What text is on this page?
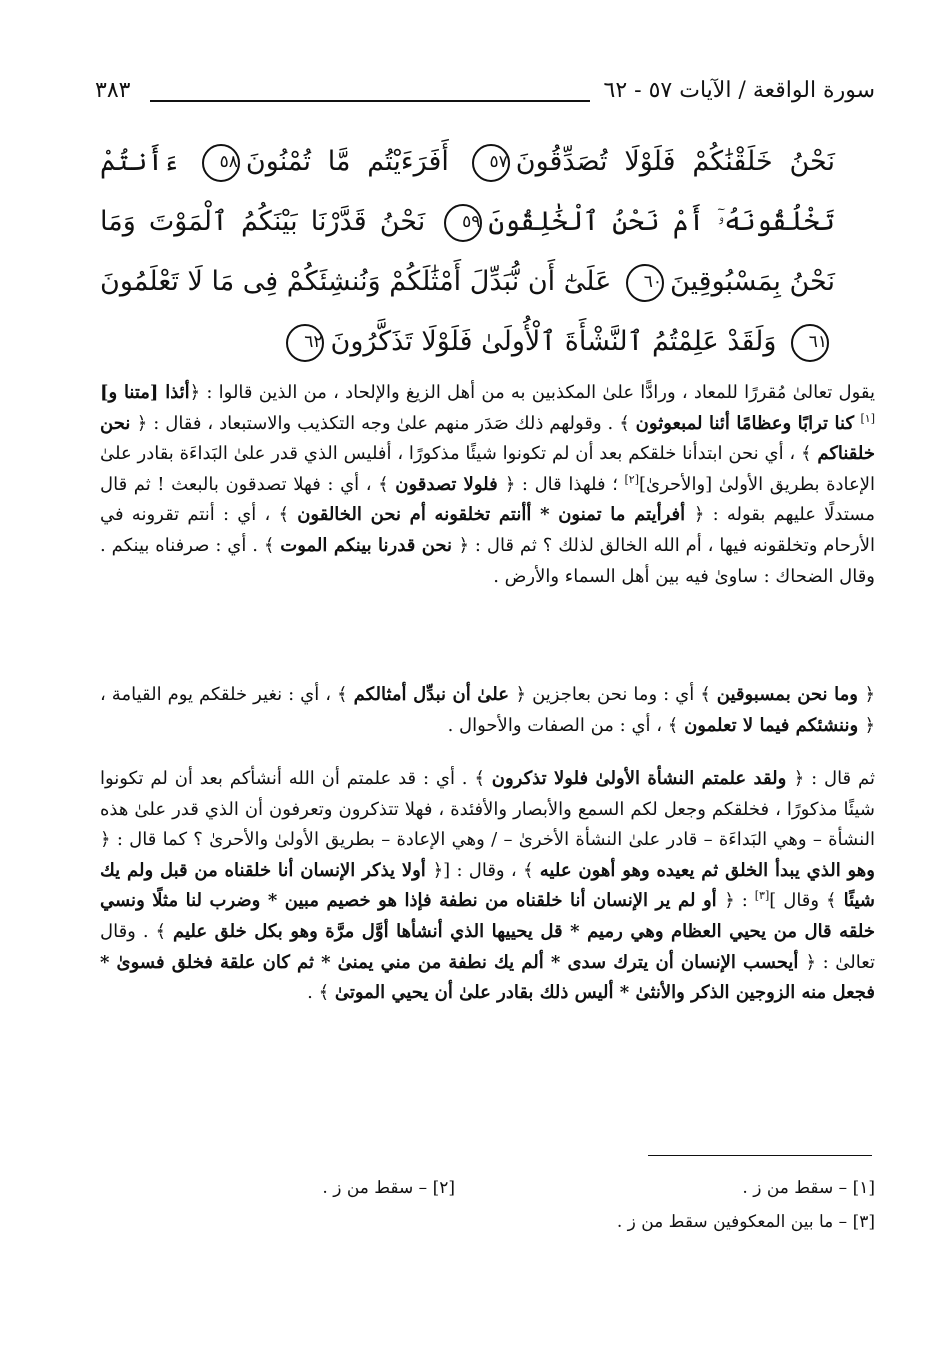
سورة الواقعة / الآيات ٥٧ - ٦٢
٣٨٣
نَحْنُ خَلَقْنَٰكُمْ فَلَوْلَا تُصَدِّقُونَ٥٧ أَفَرَءَيْتُم مَّا تُمْنُونَ٥٨ ءَأَنتُمْ تَخْلُقُونَهُۥٓ أَمْ نَحْنُ ٱلْخَٰلِقُونَ٥٩ نَحْنُ قَدَّرْنَا بَيْنَكُمُ ٱلْمَوْتَ وَمَا نَحْنُ بِمَسْبُوقِينَ٦٠ عَلَىٰٓ أَن نُّبَدِّلَ أَمْثَٰلَكُمْ وَنُنشِئَكُمْ فِى مَا لَا تَعْلَمُونَ٦١ وَلَقَدْ عَلِمْتُمُ ٱلنَّشْأَةَ ٱلْأُولَىٰ فَلَوْلَا تَذَكَّرُونَ٦٢

يقول تعالىٰ مُقررًا للمعاد ، ورادًّا علىٰ المكذبين به من أهل الزيغ والإلحاد ، من الذين قالوا : ﴿أئذا [متنا و][١] كنا ترابًا وعظامًا أئنا لمبعوثون ﴾ . وقولهم ذلك صَدَر منهم علىٰ وجه التكذيب والاستبعاد ، فقال : ﴿ نحن خلقناكم ﴾ ، أي نحن ابتدأنا خلقكم بعد أن لم تكونوا شيئًا مذكورًا ، أفليس الذي قدر علىٰ البَداءَة بقادر علىٰ الإعادة بطريق الأولىٰ [والأحرىٰ][٢] ؛ فلهذا قال : ﴿ فلولا تصدقون ﴾ ، أي : فهلا تصدقون بالبعث ! ثم قال مستدلًا عليهم بقوله : ﴿ أفرأيتم ما تمنون * أأنتم تخلقونه أم نحن الخالقون ﴾ ، أي : أنتم تقرونه في الأرحام وتخلقونه فيها ، أم الله الخالق لذلك ؟ ثم قال : ﴿ نحن قدرنا بينكم الموت ﴾ . أي : صرفناه بينكم . وقال الضحاك : ساوىٰ فيه بين أهل السماء والأرض .

﴿ وما نحن بمسبوقين ﴾ أي : وما نحن بعاجزين ﴿ علىٰ أن نبدِّل أمثالكم ﴾ ، أي : نغير خلقكم يوم القيامة ، ﴿ وننشئكم فيما لا تعلمون ﴾ ، أي : من الصفات والأحوال .

ثم قال : ﴿ ولقد علمتم النشأة الأولىٰ فلولا تذكرون ﴾ . أي : قد علمتم أن الله أنشأكم بعد أن لم تكونوا شيئًا مذكورًا ، فخلقكم وجعل لكم السمع والأبصار والأفئدة ، فهلا تتذكرون وتعرفون أن الذي قدر علىٰ هذه النشأة – وهي البَداءَة – قادر علىٰ النشأة الأخرىٰ – / وهي الإعادة – بطريق الأولىٰ والأحرىٰ ؟ كما قال : ﴿ وهو الذي يبدأ الخلق ثم يعيده وهو أهون عليه ﴾ ، وقال : [﴿ أولا يذكر الإنسان أنا خلقناه من قبل ولم يك شيئًا ﴾ وقال ][٣] : ﴿ أو لم ير الإنسان أنا خلقناه من نطفة فإذا هو خصيم مبين * وضرب لنا مثلًا ونسي خلقه قال من يحيي العظام وهي رميم * قل يحييها الذي أنشأها أوَّل مرَّة وهو بكل خلق عليم ﴾ . وقال تعالىٰ : ﴿ أيحسب الإنسان أن يترك سدى * ألم يك نطفة من مني يمنىٰ * ثم كان علقة فخلق فسوىٰ * فجعل منه الزوجين الذكر والأنثىٰ * أليس ذلك بقادر علىٰ أن يحيي الموتىٰ ﴾ .

[١] – سقط من ز .
[٢] – سقط من ز .
[٣] – ما بين المعكوفين سقط من ز .
